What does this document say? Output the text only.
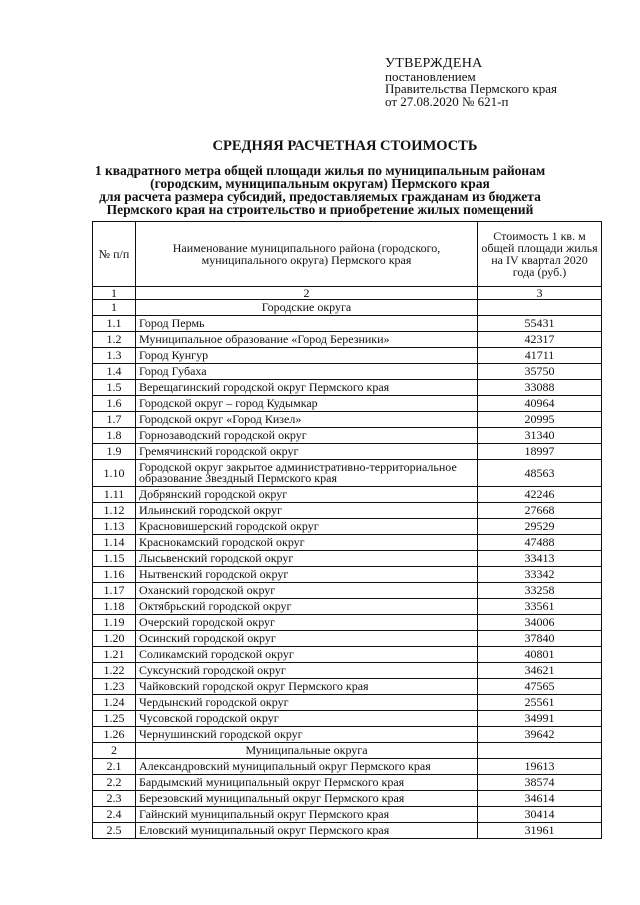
УТВЕРЖДЕНА
постановлением
Правительства Пермского края
от 27.08.2020 № 621-п
СРЕДНЯЯ РАСЧЕТНАЯ СТОИМОСТЬ
1 квадратного метра общей площади жилья по муниципальным районам
(городским, муниципальным округам) Пермского края
для расчета размера субсидий, предоставляемых гражданам из бюджета
Пермского края на строительство и приобретение жилых помещений
№ п/п	Наименование муниципального района (городского, муниципального округа) Пермского края	Стоимость 1 кв. м общей площади жилья на IV квартал 2020 года (руб.)
1	2	3
1	Городские округа	
1.1	Город Пермь	55431
1.2	Муниципальное образование «Город Березники»	42317
1.3	Город Кунгур	41711
1.4	Город Губаха	35750
1.5	Верещагинский городской округ Пермского края	33088
1.6	Городской округ – город Кудымкар	40964
1.7	Городской округ «Город Кизел»	20995
1.8	Горнозаводский городской округ	31340
1.9	Гремячинский городской округ	18997
1.10	Городской округ закрытое административно-территориальное образование Звездный Пермского края	48563
1.11	Добрянский городской округ	42246
1.12	Ильинский городской округ	27668
1.13	Красновишерский городской округ	29529
1.14	Краснокамский городской округ	47488
1.15	Лысьвенский городской округ	33413
1.16	Нытвенский городской округ	33342
1.17	Оханский городской округ	33258
1.18	Октябрьский городской округ	33561
1.19	Очерский городской округ	34006
1.20	Осинский городской округ	37840
1.21	Соликамский городской округ	40801
1.22	Суксунский городской округ	34621
1.23	Чайковский городской округ Пермского края	47565
1.24	Чердынский городской округ	25561
1.25	Чусовской городской округ	34991
1.26	Чернушинский городской округ	39642
2	Муниципальные округа	
2.1	Александровский муниципальный округ Пермского края	19613
2.2	Бардымский муниципальный округ Пермского края	38574
2.3	Березовский муниципальный округ Пермского края	34614
2.4	Гайнский муниципальный округ Пермского края	30414
2.5	Еловский муниципальный округ Пермского края	31961
